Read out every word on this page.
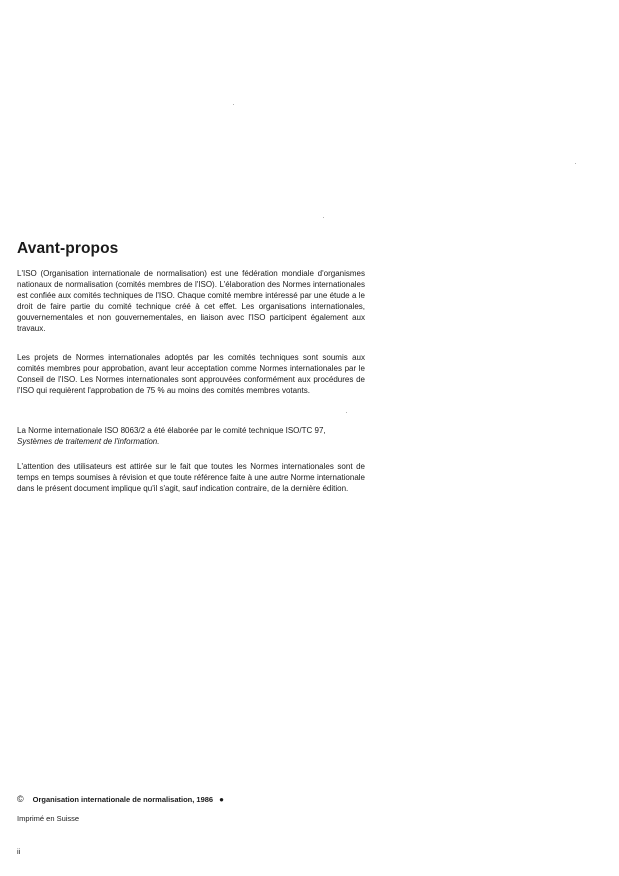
Avant-propos

L'ISO (Organisation internationale de normalisation) est une fédération mondiale d'organismes nationaux de normalisation (comités membres de l'ISO). L'élaboration des Normes internationales est confiée aux comités techniques de l'ISO. Chaque comité membre intéressé par une étude a le droit de faire partie du comité technique créé à cet effet. Les organisations internationales, gouvernementales et non gouvernementales, en liaison avec l'ISO participent également aux travaux.

Les projets de Normes internationales adoptés par les comités techniques sont soumis aux comités membres pour approbation, avant leur acceptation comme Normes internationales par le Conseil de l'ISO. Les Normes internationales sont approuvées conformément aux procédures de l'ISO qui requièrent l'approbation de 75 % au moins des comités membres votants.

La Norme internationale ISO 8063/2 a été élaborée par le comité technique ISO/TC 97,
Systèmes de traitement de l'information.

L'attention des utilisateurs est attirée sur le fait que toutes les Normes internationales sont de temps en temps soumises à révision et que toute référence faite à une autre Norme internationale dans le présent document implique qu'il s'agit, sauf indication contraire, de la dernière édition.

© Organisation internationale de normalisation, 1986 ●
Imprimé en Suisse
ii
